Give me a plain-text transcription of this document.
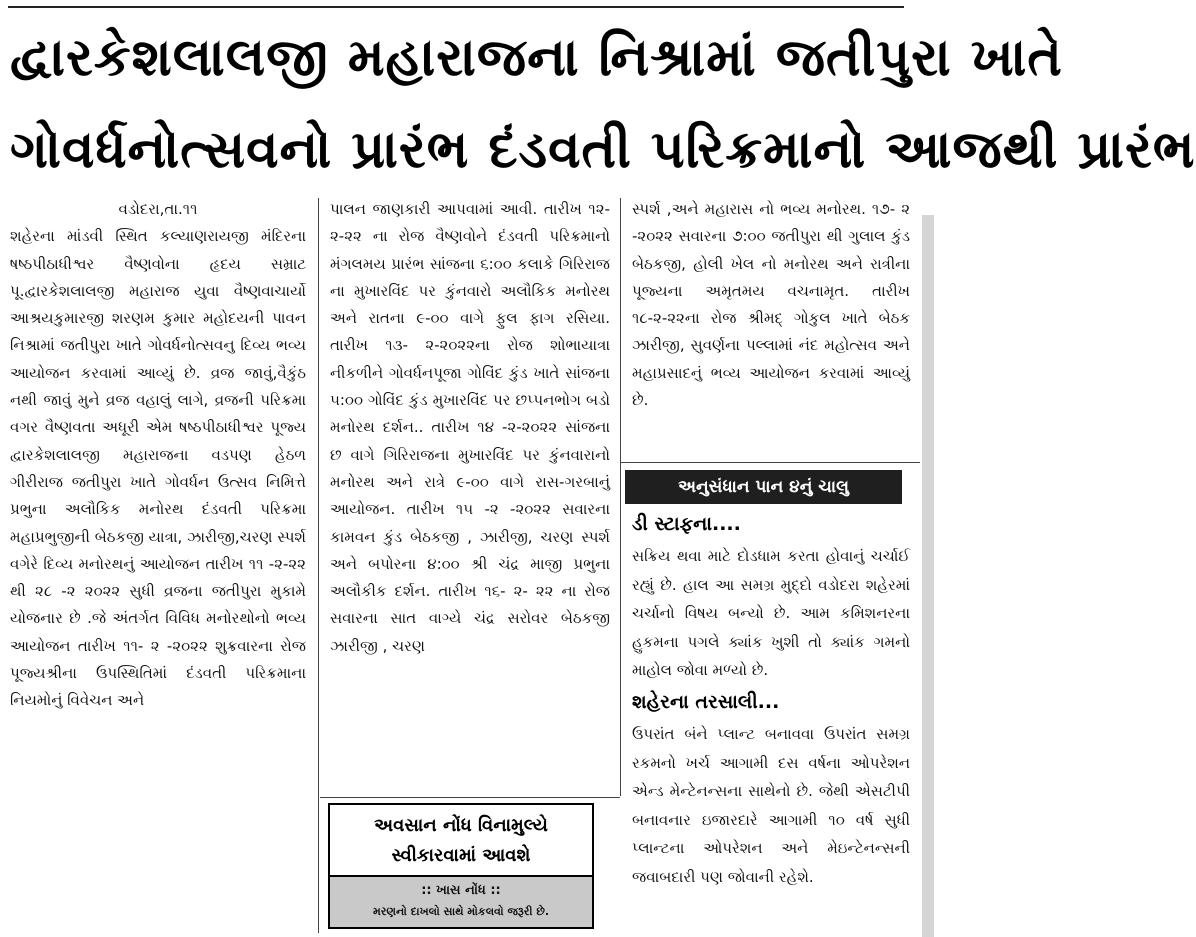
દ્વારકેશલાલજી મહારાજના નિશ્રામાં જતીપુરા ખાતે
ગોવર્ધનોત્સવનો પ્રારંભ દંડવતી પરિક્રમાનો આજથી પ્રારંભ
વડોદરા,તા.૧૧

શહેરના માંડવી સ્થિત કલ્યાણરાયજી મંદિરના ષષ્ઠપીઠાધીશ્વર વૈષ્ણવોના હૃદય સમ્રાટ પૂ.દ્વારકેશલાલજી મહારાજ યુવા વૈષ્ણવાચાર્યો આશ્રયકુમારજી શરણમ કુમાર મહોદયની પાવન નિશ્રામાં જતીપુરા ખાતે ગોવર્ધનોત્સવનુ દિવ્ય ભવ્ય આયોજન કરવામાં આવ્યું છે. વ્રજ જાવું,વૈકુંઠ નથી જાવું મુને વ્રજ વહાલું લાગે, વ્રજની પરિક્રમા વગર વૈષ્ણવતા અધૂરી એમ ષષ્ઠપીઠાધીશ્વર પૂજ્ય દ્વારકેશલાલજી મહારાજના વડપણ હેઠળ ગીરીરાજ જતીપુરા ખાતે ગોવર્ધન ઉત્સવ નિમિત્તે પ્રભુના અલૌકિક મનોરથ દંડવતી પરિક્રમા મહાપ્રભુજીની બેઠકજી યાત્રા, ઝારીજી,ચરણ સ્પર્શ વગેરે દિવ્ય મનોરથનું આયોજન તારીખ ૧૧ -૨-૨૨ થી ૨૮ -૨ ૨૦૨૨ સુધી વ્રજના જતીપુરા મુકામે યોજનાર છે .જે અંતર્ગત વિવિધ મનોરથોનો ભવ્ય આયોજન તારીખ ૧૧- ૨ -૨૦૨૨ શુક્રવારના રોજ પૂજ્યશ્રીના ઉપસ્થિતિમાં દંડવતી પરિક્રમાના નિયમોનું વિવેચન અને

પાલન જાણકારી આપવામાં આવી. તારીખ ૧૨- ૨-૨૨ ના રોજ વૈષ્ણવોને દંડવતી પરિક્રમાનો મંગલમય પ્રારંભ સાંજના ૬:૦૦ કલાકે ગિરિરાજ ના મુખારવિંદ પર કુંનવારો અલૌકિક મનોરથ અને રાતના ૯-૦૦ વાગે ફુલ ફાગ રસિયા. તારીખ ૧૩- ૨-૨૦૨૨ના રોજ શોભાયાત્રા નીકળીને ગોવર્ધનપૂજા ગોવિંદ કુંડ ખાતે સાંજના ૫:૦૦ ગોવિંદ કુંડ મુખારવિંદ પર છપ્પનભોગ બડો મનોરથ દર્શન.. તારીખ ૧૪ -૨-૨૦૨૨ સાંજના છ વાગે ગિરિરાજના મુખારવિંદ પર કુંનવારાનો મનોરથ અને રાત્રે ૯-૦૦ વાગે રાસ-ગરબાનું આયોજન. તારીખ ૧૫ -૨ -૨૦૨૨ સવારના કામવન કુંડ બેઠકજી , ઝારીજી, ચરણ સ્પર્શ અને બપોરના ૪:૦૦ શ્રી ચંદ્ર માજી પ્રભુના અલૌકીક દર્શન. તારીખ ૧૬- ૨- ૨૨ ના રોજ સવારના સાત વાગ્યે ચંદ્ર સરોવર બેઠકજી ઝારીજી , ચરણ

સ્પર્શ ,અને મહારાસ નો ભવ્ય મનોરથ. ૧૭- ૨ -૨૦૨૨ સવારના ૭:૦૦ જતીપુરા થી ગુલાલ કુંડ બેઠકજી, હોલી ખેલ નો મનોરથ અને રાત્રીના પૂજ્યના અમૃતમય વચનામૃત. તારીખ ૧૮-૨-૨૨ના રોજ શ્રીમદ્ ગોકુલ ખાતે બેઠક ઝારીજી, સુવર્ણના પલ્લામાં નંદ મહોત્સવ અને મહાપ્રસાદનું ભવ્ય આયોજન કરવામાં આવ્યું છે.

અવસાન નોંધ વિનામુલ્યે સ્વીકારવામાં આવશે
:: ખાસ નોંધ ::
મરણનો દાખલો સાથે મોકલવો જરૂરી છે.
અનુસંધાન પાન ૪નું ચાલુ
ડી સ્ટાફના....

સક્રિય થવા માટે દોડધામ કરતા હોવાનું ચર્ચાઈ રહ્યું છે. હાલ આ સમગ્ર મુદ્દો વડોદરા શહેરમાં ચર્ચાનો વિષય બન્યો છે. આમ કમિશનરના હુકમના પગલે ક્યાંક ખુશી તો ક્યાંક ગમનો માહોલ જોવા મળ્યો છે.

શહેરના તરસાલી...

ઉપરાંત બંને પ્લાન્ટ બનાવવા ઉપરાંત સમગ્ર રકમનો ખર્ચ આગામી દસ વર્ષના ઓપરેશન એન્ડ મેન્ટેનન્સના સાથેનો છે. જેથી એસટીપી બનાવનાર ઇજારદારે આગામી ૧૦ વર્ષ સુધી પ્લાન્ટના ઓપરેશન અને મેઇન્ટેનન્સની જવાબદારી પણ જોવાની રહેશે.
